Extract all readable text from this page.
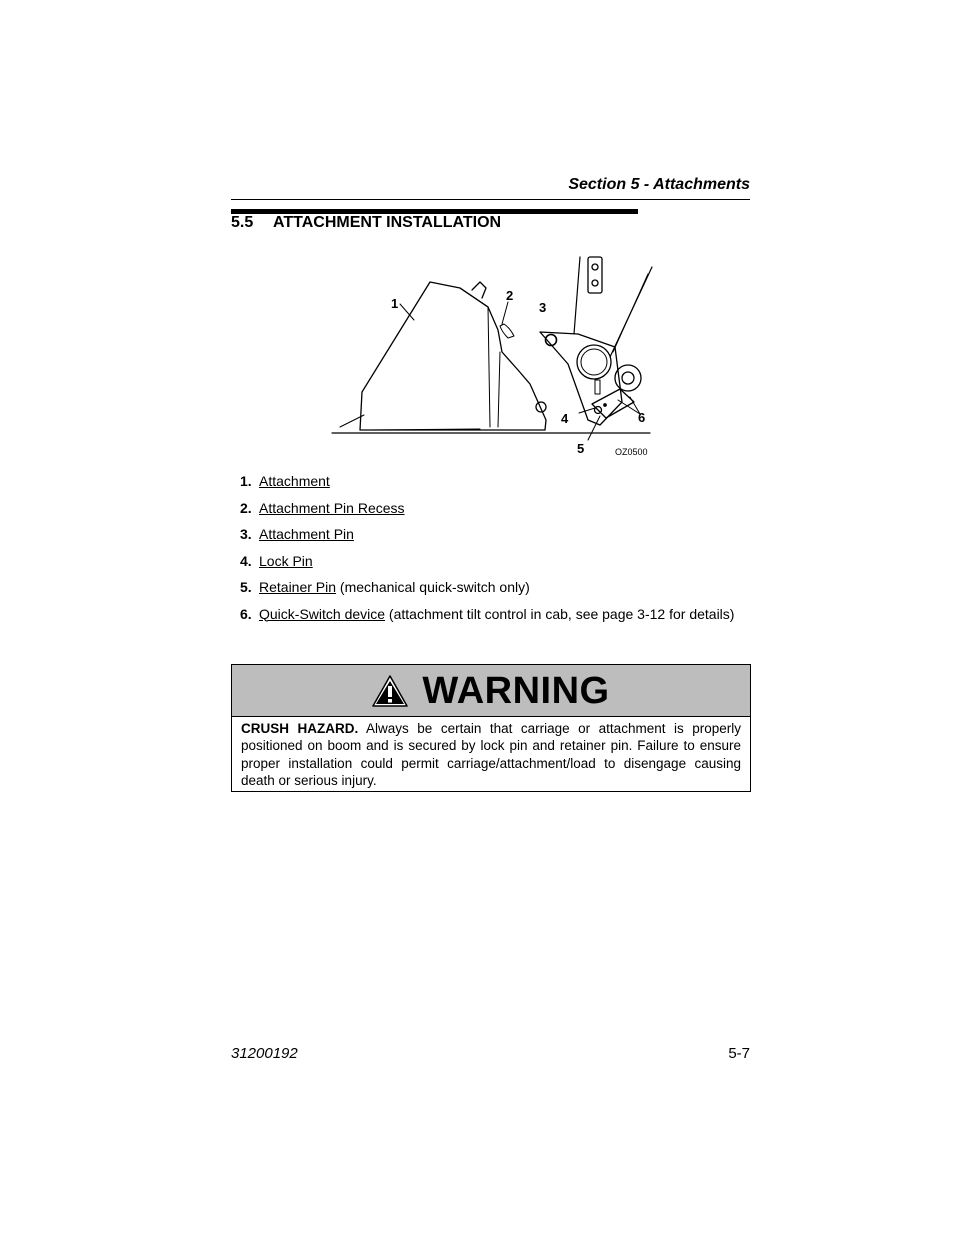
Section 5 - Attachments
5.5 ATTACHMENT INSTALLATION
1
2
3
4
5
6
OZ0500
1. Attachment
2. Attachment Pin Recess
3. Attachment Pin
4. Lock Pin
5. Retainer Pin (mechanical quick-switch only)
6. Quick-Switch device (attachment tilt control in cab, see page 3-12 for details)
WARNING
CRUSH HAZARD. Always be certain that carriage or attachment is properly positioned on boom and is secured by lock pin and retainer pin. Failure to ensure proper installation could permit carriage/attachment/load to disengage causing death or serious injury.
31200192	5-7
